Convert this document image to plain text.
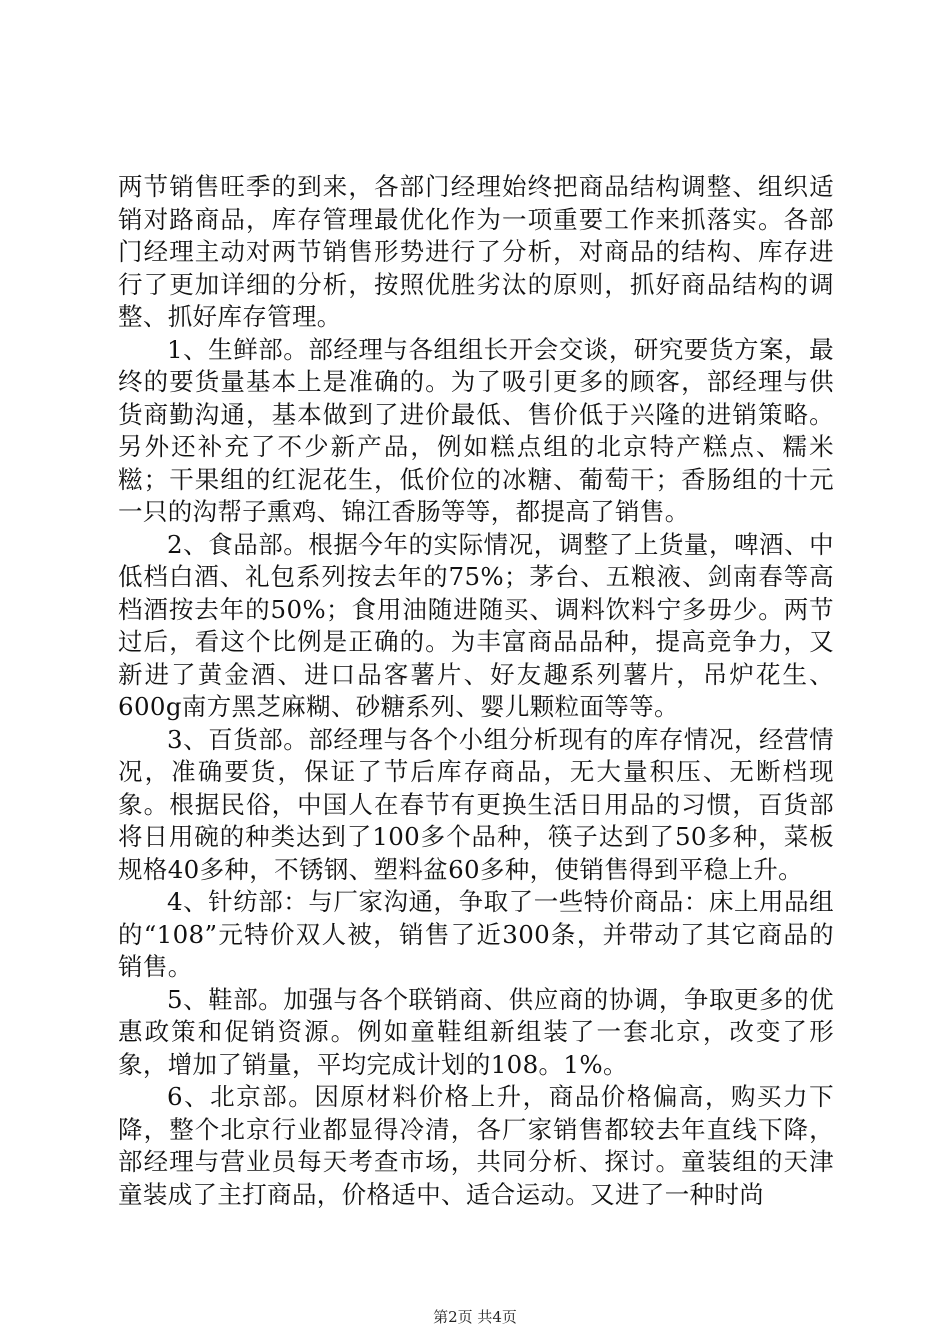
两节销售旺季的到来，各部门经理始终把商品结构调整、组织适销对路商品，库存管理最优化作为一项重要工作来抓落实。各部门经理主动对两节销售形势进行了分析，对商品的结构、库存进行了更加详细的分析，按照优胜劣汰的原则，抓好商品结构的调整、抓好库存管理。

1、生鲜部。部经理与各组组长开会交谈，研究要货方案，最终的要货量基本上是准确的。为了吸引更多的顾客，部经理与供货商勤沟通，基本做到了进价最低、售价低于兴隆的进销策略。另外还补充了不少新产品，例如糕点组的北京特产糕点、糯米糍；干果组的红泥花生，低价位的冰糖、葡萄干；香肠组的十元一只的沟帮子熏鸡、锦江香肠等等，都提高了销售。

2、食品部。根据今年的实际情况，调整了上货量，啤酒、中低档白酒、礼包系列按去年的75%；茅台、五粮液、剑南春等高档酒按去年的50%；食用油随进随买、调料饮料宁多毋少。两节过后，看这个比例是正确的。为丰富商品品种，提高竞争力，又新进了黄金酒、进口品客薯片、好友趣系列薯片，吊炉花生、600g南方黑芝麻糊、砂糖系列、婴儿颗粒面等等。

3、百货部。部经理与各个小组分析现有的库存情况，经营情况，准确要货，保证了节后库存商品，无大量积压、无断档现象。根据民俗，中国人在春节有更换生活日用品的习惯，百货部将日用碗的种类达到了100多个品种，筷子达到了50多种，菜板规格40多种，不锈钢、塑料盆60多种，使销售得到平稳上升。

4、针纺部：与厂家沟通，争取了一些特价商品：床上用品组的“108”元特价双人被，销售了近300条，并带动了其它商品的销售。

5、鞋部。加强与各个联销商、供应商的协调，争取更多的优惠政策和促销资源。例如童鞋组新组装了一套北京，改变了形象，增加了销量，平均完成计划的108。1%。

6、北京部。因原材料价格上升，商品价格偏高，购买力下降，整个北京行业都显得冷清，各厂家销售都较去年直线下降，部经理与营业员每天考查市场，共同分析、探讨。童装组的天津童装成了主打商品，价格适中、适合运动。又进了一种时尚

第2页 共4页
